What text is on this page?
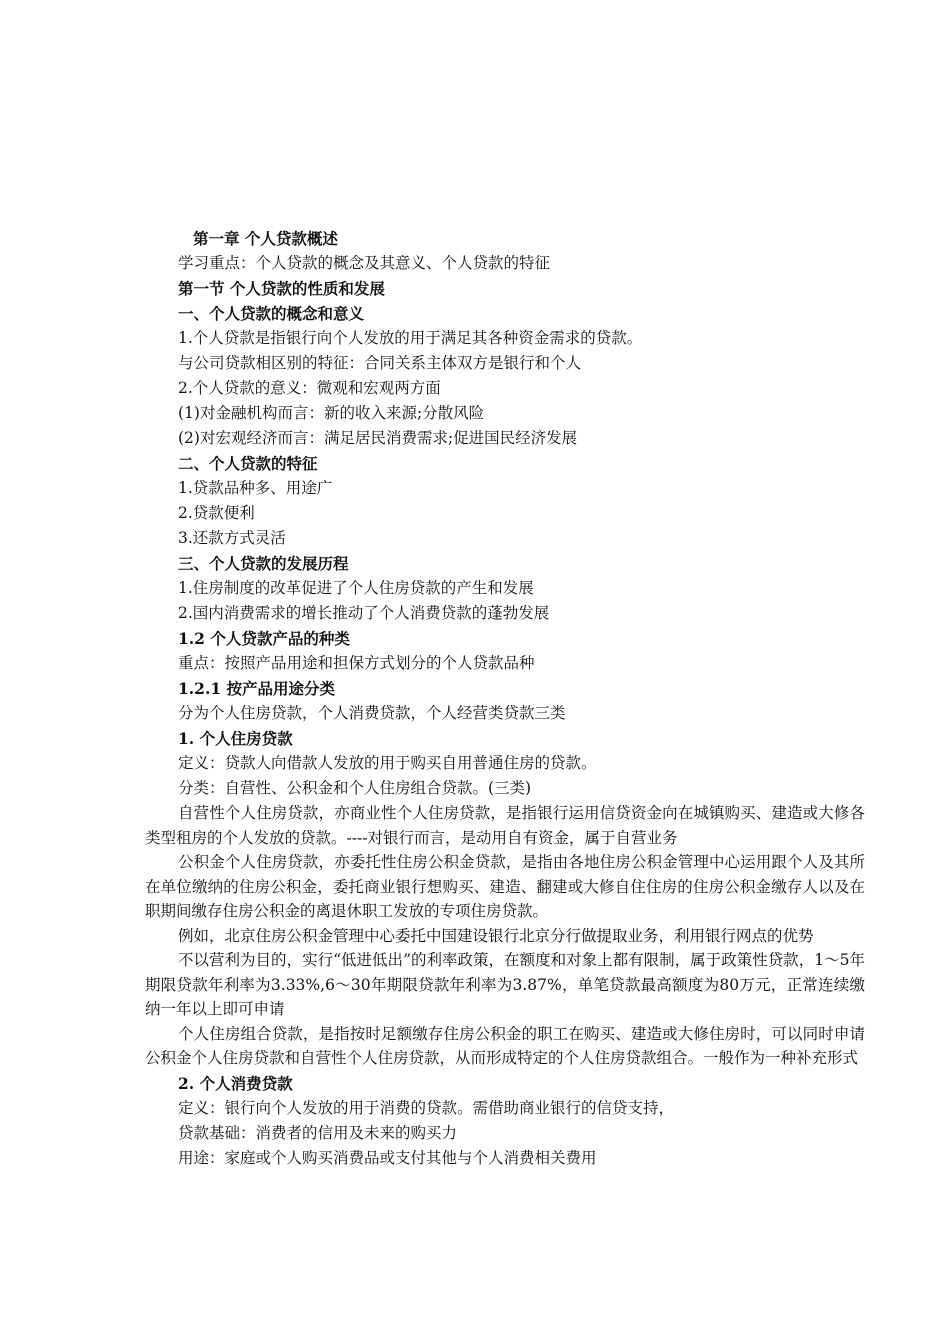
第一章 个人贷款概述
学习重点：个人贷款的概念及其意义、个人贷款的特征
第一节 个人贷款的性质和发展
一、个人贷款的概念和意义
1.个人贷款是指银行向个人发放的用于满足其各种资金需求的贷款。
与公司贷款相区别的特征：合同关系主体双方是银行和个人
2.个人贷款的意义：微观和宏观两方面
(1)对金融机构而言：新的收入来源;分散风险
(2)对宏观经济而言：满足居民消费需求;促进国民经济发展
二、个人贷款的特征
1.贷款品种多、用途广
2.贷款便利
3.还款方式灵活
三、个人贷款的发展历程
1.住房制度的改革促进了个人住房贷款的产生和发展
2.国内消费需求的增长推动了个人消费贷款的蓬勃发展
1.2 个人贷款产品的种类
重点：按照产品用途和担保方式划分的个人贷款品种
1.2.1 按产品用途分类
分为个人住房贷款，个人消费贷款，个人经营类贷款三类
1. 个人住房贷款
定义：贷款人向借款人发放的用于购买自用普通住房的贷款。
分类：自营性、公积金和个人住房组合贷款。(三类)

自营性个人住房贷款，亦商业性个人住房贷款，是指银行运用信贷资金向在城镇购买、建造或大修各类型租房的个人发放的贷款。----对银行而言，是动用自有资金，属于自营业务

公积金个人住房贷款，亦委托性住房公积金贷款，是指由各地住房公积金管理中心运用跟个人及其所在单位缴纳的住房公积金，委托商业银行想购买、建造、翻建或大修自住住房的住房公积金缴存人以及在职期间缴存住房公积金的离退休职工发放的专项住房贷款。

例如，北京住房公积金管理中心委托中国建设银行北京分行做提取业务，利用银行网点的优势

不以营利为目的，实行“低进低出”的利率政策，在额度和对象上都有限制，属于政策性贷款，1～5年期限贷款年利率为3.33%,6～30年期限贷款年利率为3.87%，单笔贷款最高额度为80万元，正常连续缴纳一年以上即可申请

个人住房组合贷款，是指按时足额缴存住房公积金的职工在购买、建造或大修住房时，可以同时申请公积金个人住房贷款和自营性个人住房贷款，从而形成特定的个人住房贷款组合。一般作为一种补充形式

2. 个人消费贷款
定义：银行向个人发放的用于消费的贷款。需借助商业银行的信贷支持，
贷款基础：消费者的信用及未来的购买力
用途：家庭或个人购买消费品或支付其他与个人消费相关费用
